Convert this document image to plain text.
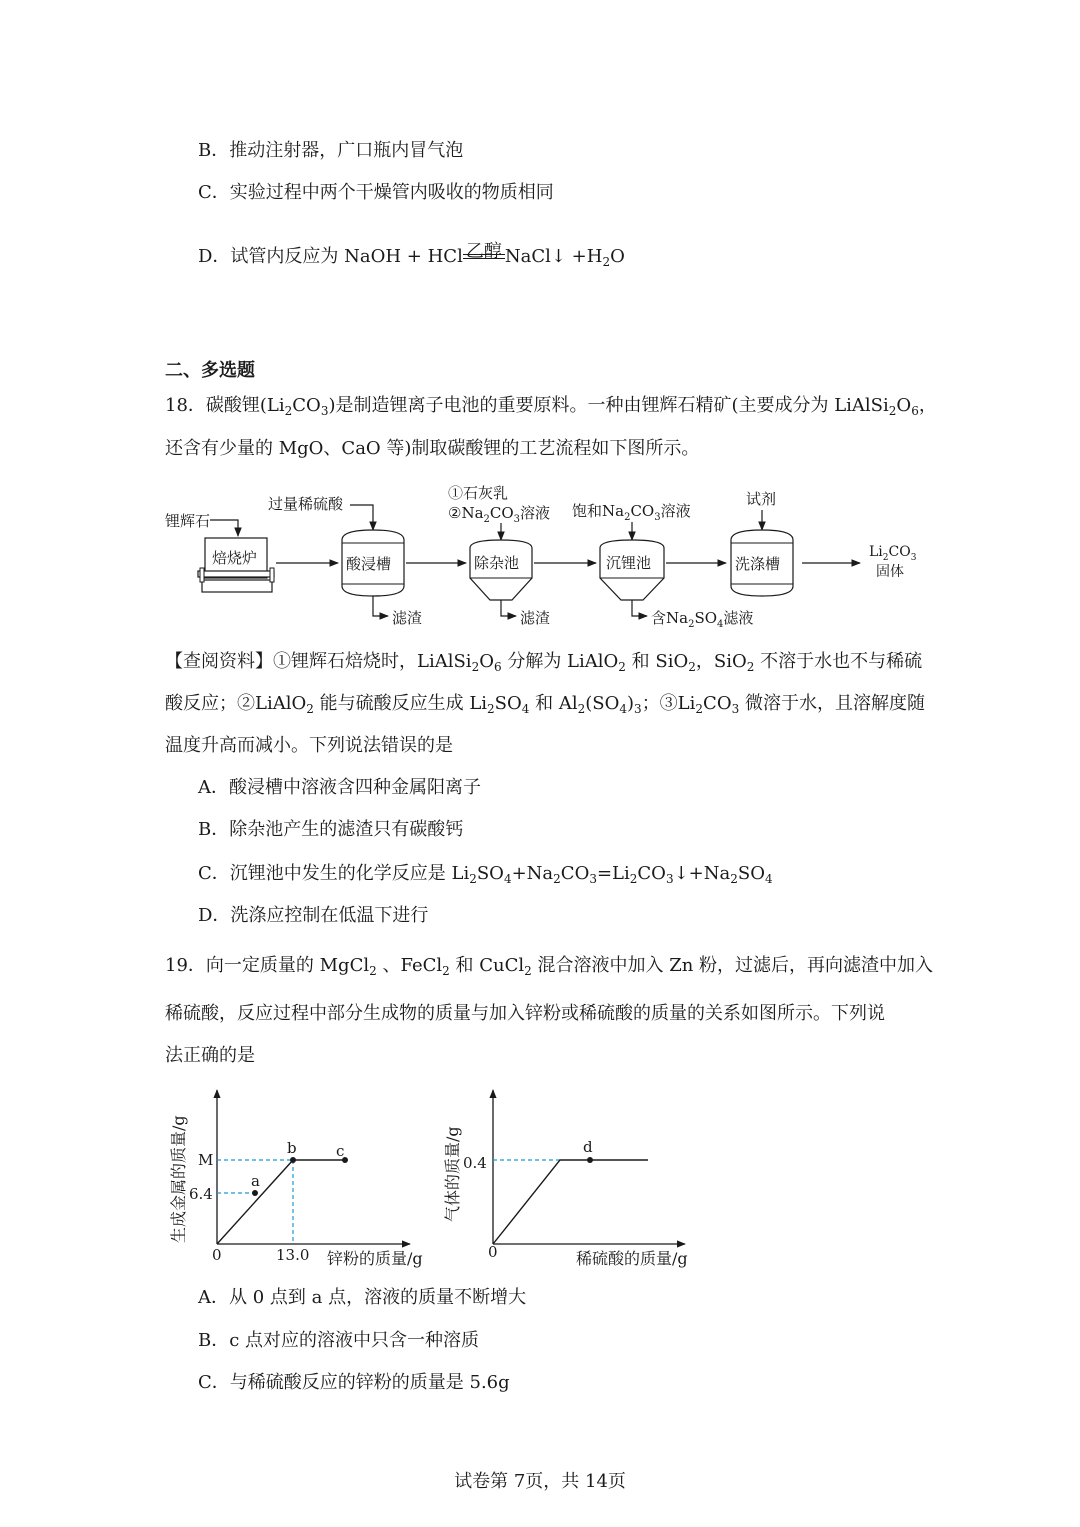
B．推动注射器，广口瓶内冒气泡
C．实验过程中两个干燥管内吸收的物质相同
D．试管内反应为 NaOH + HCl 乙醇 NaCl↓ $+H_2O$
二、多选题
18．碳酸锂$(Li_2CO_3)$是制造锂离子电池的重要原料。一种由锂辉石精矿(主要成分为 $LiAlSi_2O_6$，
还含有少量的 MgO、CaO 等)制取碳酸锂的工艺流程如下图所示。
锂辉石
焙烧炉
过量稀硫酸
酸浸槽
滤渣
①石灰乳
$②Na_2CO_3$溶液
除杂池
滤渣
饱和$Na_2CO_3$溶液
沉锂池
含$Na_2SO_4$滤液
试剂
洗涤槽
$Li_2CO_3$
固体
【查阅资料】①锂辉石焙烧时，$LiAlSi_2O_6$ 分解为 LiAlO$_2$ 和 SiO$_2$，SiO$_2$ 不溶于水也不与稀硫
酸反应；②LiAlO$_2$ 能与硫酸反应生成 $Li_2SO_4$ 和 $Al_2(SO_4)_3$；$③Li_2CO_3$ 微溶于水，且溶解度随
温度升高而减小。下列说法错误的是
A．酸浸槽中溶液含四种金属阳离子
B．除杂池产生的滤渣只有碳酸钙
C．沉锂池中发生的化学反应是 $Li_2SO_4+Na_2CO_3=Li_2CO_3↓+Na_2SO_4$
D．洗涤应控制在低温下进行
19．向一定质量的 MgCl$_2$ 、FeCl$_2$ 和 CuCl$_2$ 混合溶液中加入 Zn 粉，过滤后，再向滤渣中加入
稀硫酸，反应过程中部分生成物的质量与加入锌粉或稀硫酸的质量的关系如图所示。下列说
法正确的是
生成金属的质量/g
锌粉的质量/g
0	13.0
M
6.4
a
b	c	气体的质量/g
稀硫酸的质量/g
0
0.4
d
A．从 0 点到 a 点，溶液的质量不断增大
B．c 点对应的溶液中只含一种溶质
C．与稀硫酸反应的锌粉的质量是 5.6g
试卷第 7页，共 14页
